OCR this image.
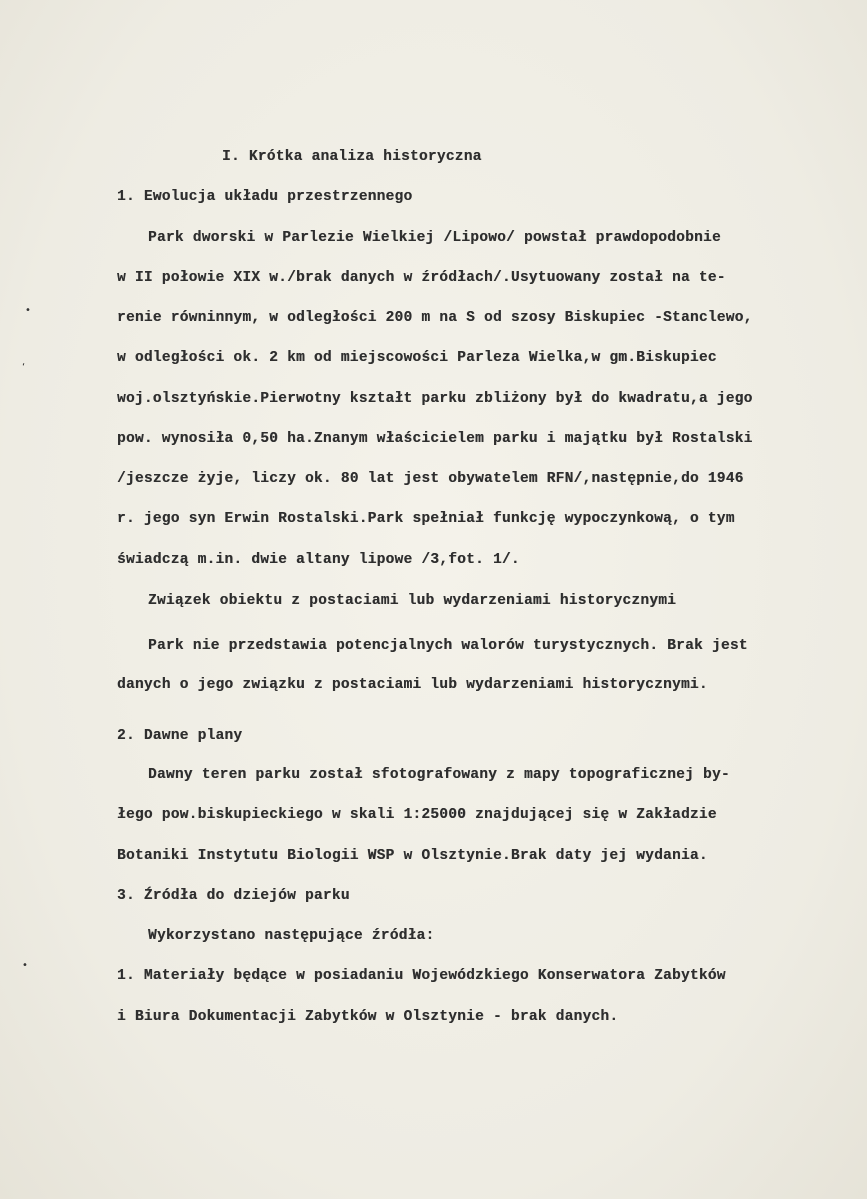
•
‘
•
I. Krótka analiza historyczna
1. Ewolucja układu przestrzennego
Park dworski w Parlezie Wielkiej /Lipowo/ powstał prawdopodobnie
w II połowie XIX w./brak danych w źródłach/.Usytuowany został na te-
renie równinnym, w odległości 200 m na S od szosy Biskupiec -Stanclewo,
w odległości ok. 2 km od miejscowości Parleza Wielka,w gm.Biskupiec
woj.olsztyńskie.Pierwotny kształt parku zbliżony był do kwadratu,a jego
pow. wynosiła 0,50 ha.Znanym właścicielem parku i majątku był Rostalski
/jeszcze żyje, liczy ok. 80 lat jest obywatelem RFN/,następnie,do 1946
r. jego syn Erwin Rostalski.Park spełniał funkcję wypoczynkową, o tym
świadczą m.in. dwie altany lipowe /3,fot. 1/.
Związek obiektu z postaciami lub wydarzeniami historycznymi
Park nie przedstawia potencjalnych walorów turystycznych. Brak jest
danych o jego związku z postaciami lub wydarzeniami historycznymi.
2. Dawne plany
Dawny teren parku został sfotografowany z mapy topograficznej by-
łego pow.biskupieckiego w skali 1:25000 znajdującej się w Zakładzie
Botaniki Instytutu Biologii WSP w Olsztynie.Brak daty jej wydania.
3. Źródła do dziejów parku
Wykorzystano następujące źródła:
1. Materiały będące w posiadaniu Wojewódzkiego Konserwatora Zabytków
i Biura Dokumentacji Zabytków w Olsztynie - brak danych.
